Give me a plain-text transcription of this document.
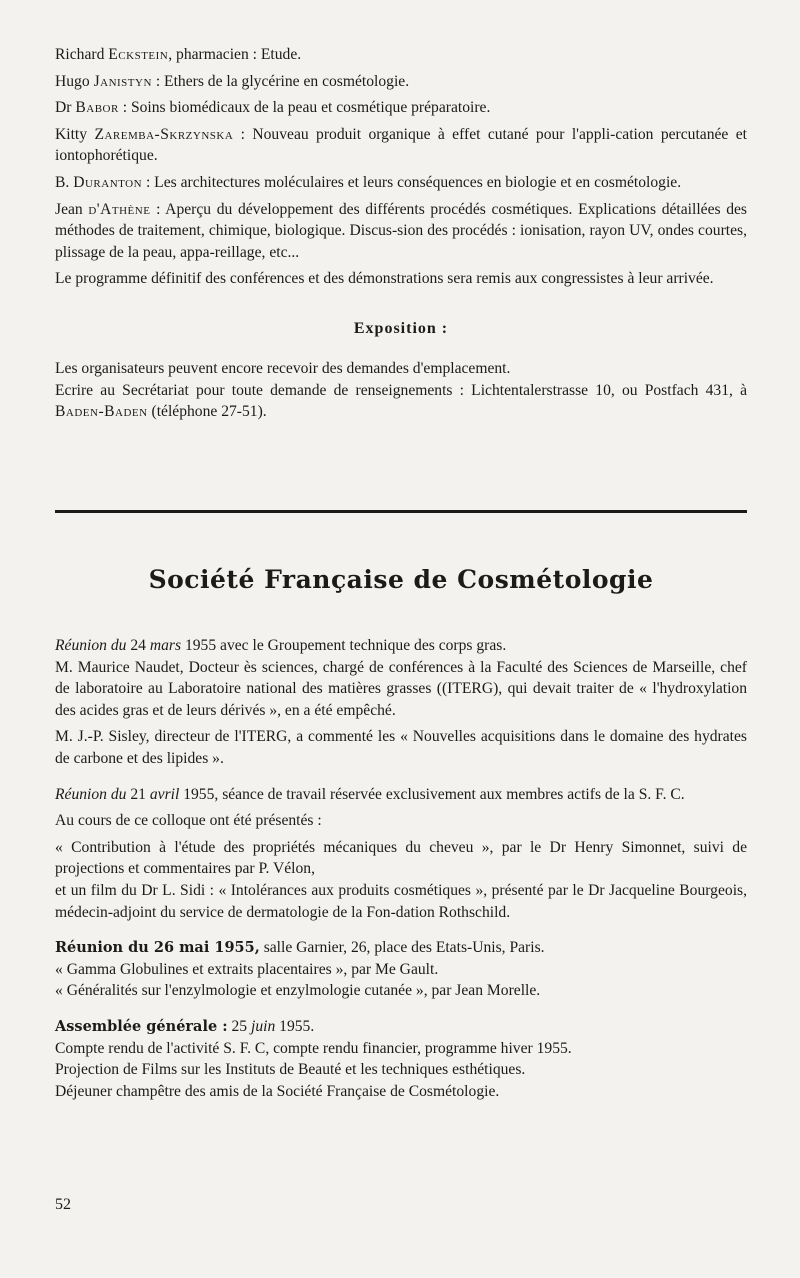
Richard Eckstein, pharmacien : Etude.

Hugo Janistyn : Ethers de la glycérine en cosmétologie.

Dr Babor : Soins biomédicaux de la peau et cosmétique préparatoire.

Kitty Zaremba-Skrzynska : Nouveau produit organique à effet cutané pour l'appli-cation percutanée et iontophorétique.

B. Duranton : Les architectures moléculaires et leurs conséquences en biologie et en cosmétologie.

Jean d'Athène : Aperçu du développement des différents procédés cosmétiques. Explications détaillées des méthodes de traitement, chimique, biologique. Discus-sion des procédés : ionisation, rayon UV, ondes courtes, plissage de la peau, appa-reillage, etc...

Le programme définitif des conférences et des démonstrations sera remis aux congressistes à leur arrivée.

Exposition :

Les organisateurs peuvent encore recevoir des demandes d'emplacement.

Ecrire au Secrétariat pour toute demande de renseignements : Lichtentalerstrasse 10, ou Postfach 431, à Baden-Baden (téléphone 27-51).

Société Française de Cosmétologie

Réunion du 24 mars 1955 avec le Groupement technique des corps gras.

M. Maurice Naudet, Docteur ès sciences, chargé de conférences à la Faculté des Sciences de Marseille, chef de laboratoire au Laboratoire national des matières grasses ((ITERG), qui devait traiter de « l'hydroxylation des acides gras et de leurs dérivés », en a été empêché.

M. J.-P. Sisley, directeur de l'ITERG, a commenté les « Nouvelles acquisitions dans le domaine des hydrates de carbone et des lipides ».

Réunion du 21 avril 1955, séance de travail réservée exclusivement aux membres actifs de la S. F. C.

Au cours de ce colloque ont été présentés :

« Contribution à l'étude des propriétés mécaniques du cheveu », par le Dr Henry Simonnet, suivi de projections et commentaires par P. Vélon,

et un film du Dr L. Sidi : « Intolérances aux produits cosmétiques », présenté par le Dr Jacqueline Bourgeois, médecin-adjoint du service de dermatologie de la Fon-dation Rothschild.

Réunion du 26 mai 1955, salle Garnier, 26, place des Etats-Unis, Paris.

« Gamma Globulines et extraits placentaires », par Me Gault.

« Généralités sur l'enzylmologie et enzylmologie cutanée », par Jean Morelle.

Assemblée générale : 25 juin 1955.

Compte rendu de l'activité S. F. C, compte rendu financier, programme hiver 1955.

Projection de Films sur les Instituts de Beauté et les techniques esthétiques.

Déjeuner champêtre des amis de la Société Française de Cosmétologie.

52
